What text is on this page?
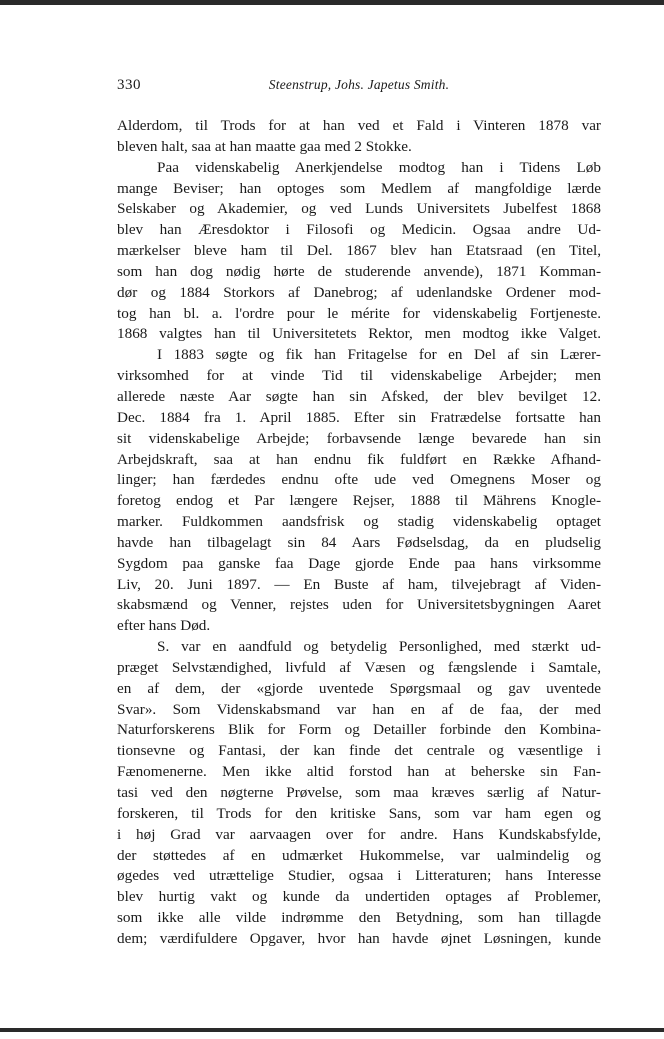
330	Steenstrup, Johs. Japetus Smith.
Alderdom, til Trods for at han ved et Fald i Vinteren 1878 var
bleven halt, saa at han maatte gaa med 2 Stokke.
Paa videnskabelig Anerkjendelse modtog han i Tidens Løb
mange Beviser; han optoges som Medlem af mangfoldige lærde
Selskaber og Akademier, og ved Lunds Universitets Jubelfest 1868
blev han Æresdoktor i Filosofi og Medicin. Ogsaa andre Ud-
mærkelser bleve ham til Del. 1867 blev han Etatsraad (en Titel,
som han dog nødig hørte de studerende anvende), 1871 Komman-
dør og 1884 Storkors af Danebrog; af udenlandske Ordener mod-
tog han bl. a. l'ordre pour le mérite for videnskabelig Fortjeneste.
1868 valgtes han til Universitetets Rektor, men modtog ikke Valget.
I 1883 søgte og fik han Fritagelse for en Del af sin Lærer-
virksomhed for at vinde Tid til videnskabelige Arbejder; men
allerede næste Aar søgte han sin Afsked, der blev bevilget 12.
Dec. 1884 fra 1. April 1885. Efter sin Fratrædelse fortsatte han
sit videnskabelige Arbejde; forbavsende længe bevarede han sin
Arbejdskraft, saa at han endnu fik fuldført en Række Afhand-
linger; han færdedes endnu ofte ude ved Omegnens Moser og
foretog endog et Par længere Rejser, 1888 til Mährens Knogle-
marker. Fuldkommen aandsfrisk og stadig videnskabelig optaget
havde han tilbagelagt sin 84 Aars Fødselsdag, da en pludselig
Sygdom paa ganske faa Dage gjorde Ende paa hans virksomme
Liv, 20. Juni 1897. — En Buste af ham, tilvejebragt af Viden-
skabsmænd og Venner, rejstes uden for Universitetsbygningen Aaret
efter hans Død.
S. var en aandfuld og betydelig Personlighed, med stærkt ud-
præget Selvstændighed, livfuld af Væsen og fængslende i Samtale,
en af dem, der «gjorde uventede Spørgsmaal og gav uventede
Svar». Som Videnskabsmand var han en af de faa, der med
Naturforskerens Blik for Form og Detailler forbinde den Kombina-
tionsevne og Fantasi, der kan finde det centrale og væsentlige i
Fænomenerne. Men ikke altid forstod han at beherske sin Fan-
tasi ved den nøgterne Prøvelse, som maa kræves særlig af Natur-
forskeren, til Trods for den kritiske Sans, som var ham egen og
i høj Grad var aarvaagen over for andre. Hans Kundskabsfylde,
der støttedes af en udmærket Hukommelse, var ualmindelig og
øgedes ved utrættelige Studier, ogsaa i Litteraturen; hans Interesse
blev hurtig vakt og kunde da undertiden optages af Problemer,
som ikke alle vilde indrømme den Betydning, som han tillagde
dem; værdifuldere Opgaver, hvor han havde øjnet Løsningen, kunde
